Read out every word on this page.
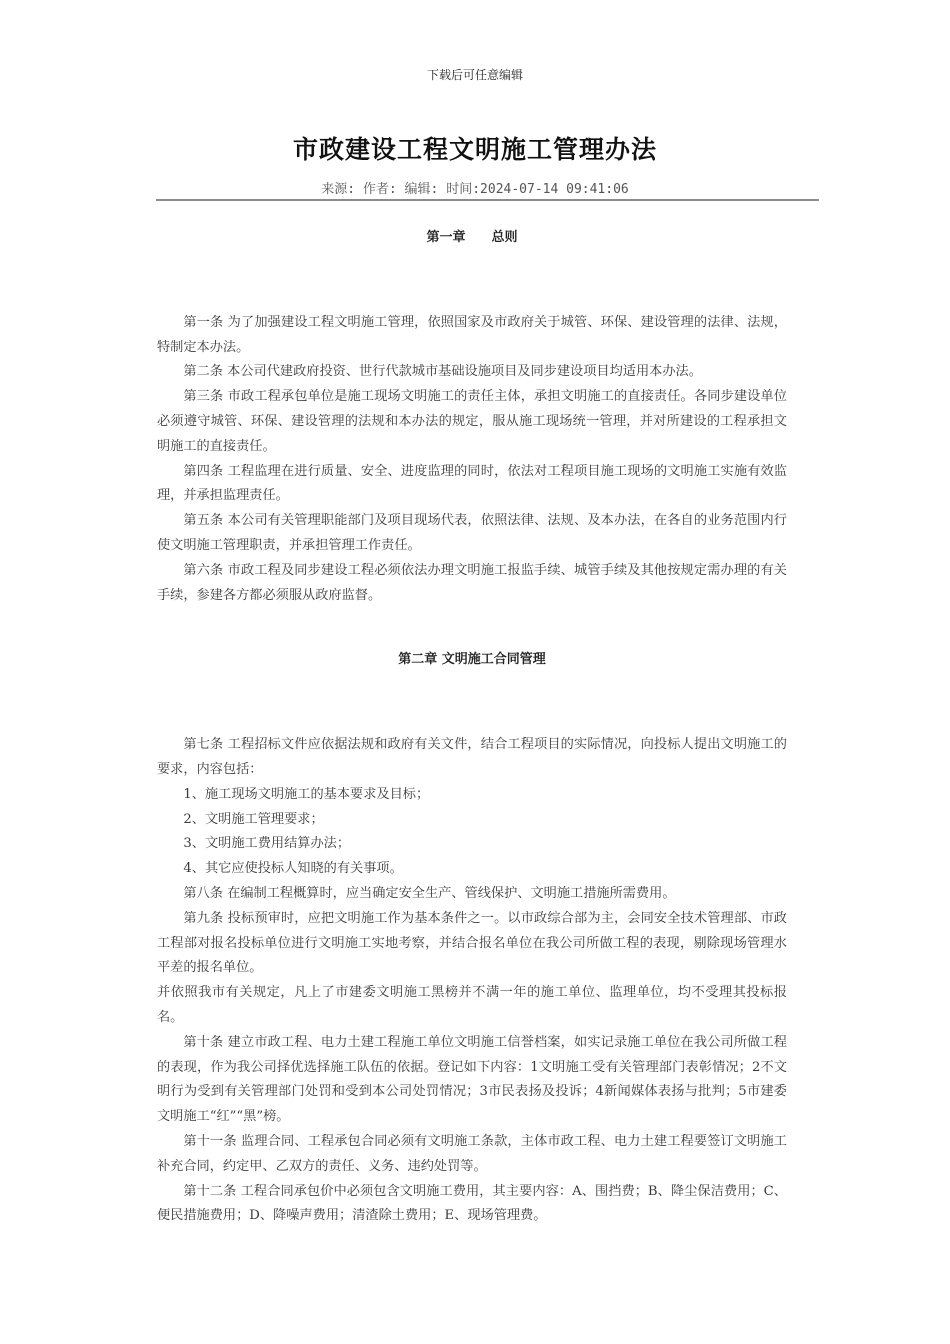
下载后可任意编辑
市政建设工程文明施工管理办法
来源: 作者: 编辑: 时间:2024-07-14 09:41:06
第一章　　总则

第一条 为了加强建设工程文明施工管理，依照国家及市政府关于城管、环保、建设管理的法律、法规，特制定本办法。

第二条 本公司代建政府投资、世行代款城市基础设施项目及同步建设项目均适用本办法。

第三条 市政工程承包单位是施工现场文明施工的责任主体，承担文明施工的直接责任。各同步建设单位必须遵守城管、环保、建设管理的法规和本办法的规定，服从施工现场统一管理，并对所建设的工程承担文明施工的直接责任。

第四条 工程监理在进行质量、安全、进度监理的同时，依法对工程项目施工现场的文明施工实施有效监理，并承担监理责任。

第五条 本公司有关管理职能部门及项目现场代表，依照法律、法规、及本办法，在各自的业务范围内行使文明施工管理职责，并承担管理工作责任。

第六条 市政工程及同步建设工程必须依法办理文明施工报监手续、城管手续及其他按规定需办理的有关手续，参建各方都必须服从政府监督。

第二章 文明施工合同管理

第七条 工程招标文件应依据法规和政府有关文件，结合工程项目的实际情况，向投标人提出文明施工的要求，内容包括：

1、施工现场文明施工的基本要求及目标；

2、文明施工管理要求；

3、文明施工费用结算办法；

4、其它应使投标人知晓的有关事项。

第八条 在编制工程概算时，应当确定安全生产、管线保护、文明施工措施所需费用。

第九条 投标预审时，应把文明施工作为基本条件之一。以市政综合部为主，会同安全技术管理部、市政工程部对报名投标单位进行文明施工实地考察，并结合报名单位在我公司所做工程的表现，剔除现场管理水平差的报名单位。

并依照我市有关规定，凡上了市建委文明施工黑榜并不满一年的施工单位、监理单位，均不受理其投标报名。

第十条 建立市政工程、电力土建工程施工单位文明施工信誉档案，如实记录施工单位在我公司所做工程的表现，作为我公司择优选择施工队伍的依据。登记如下内容：1文明施工受有关管理部门表彰情况；2不文明行为受到有关管理部门处罚和受到本公司处罚情况；3市民表扬及投诉；4新闻媒体表扬与批判；5市建委文明施工“红”“黑”榜。

第十一条 监理合同、工程承包合同必须有文明施工条款，主体市政工程、电力土建工程要签订文明施工补充合同，约定甲、乙双方的责任、义务、违约处罚等。

第十二条 工程合同承包价中必须包含文明施工费用，其主要内容：A、围挡费；B、降尘保洁费用；C、便民措施费用；D、降噪声费用；清渣除土费用；E、现场管理费。
